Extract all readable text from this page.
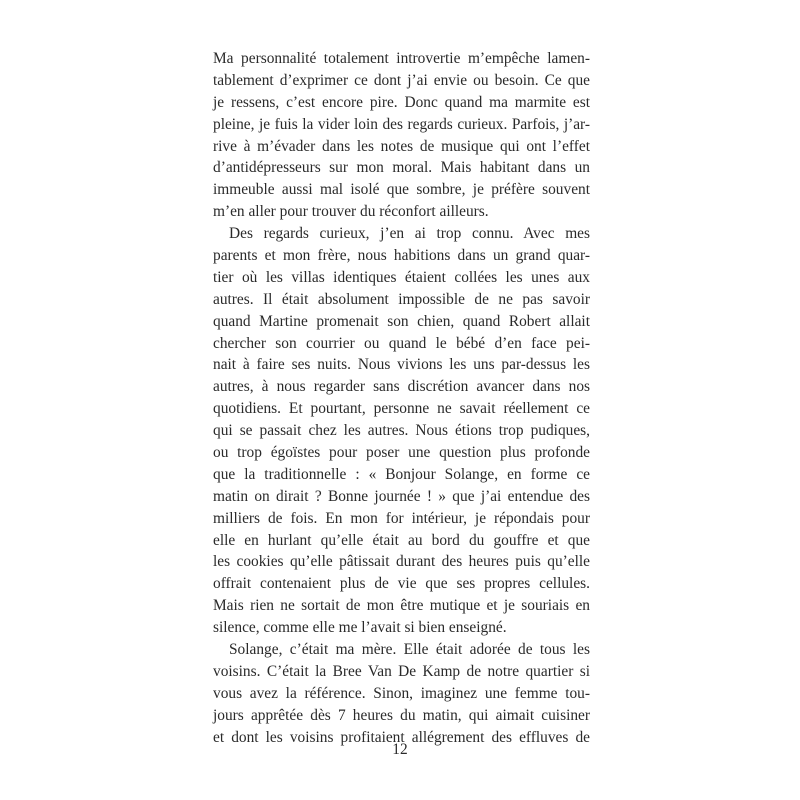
Ma personnalité totalement introvertie m’empêche lamen-
tablement d’exprimer ce dont j’ai envie ou besoin. Ce que
je ressens, c’est encore pire. Donc quand ma marmite est
pleine, je fuis la vider loin des regards curieux. Parfois, j’ar-
rive à m’évader dans les notes de musique qui ont l’effet
d’antidépresseurs sur mon moral. Mais habitant dans un
immeuble aussi mal isolé que sombre, je préfère souvent
m’en aller pour trouver du réconfort ailleurs.
Des regards curieux, j’en ai trop connu. Avec mes
parents et mon frère, nous habitions dans un grand quar-
tier où les villas identiques étaient collées les unes aux
autres. Il était absolument impossible de ne pas savoir
quand Martine promenait son chien, quand Robert allait
chercher son courrier ou quand le bébé d’en face pei-
nait à faire ses nuits. Nous vivions les uns par-dessus les
autres, à nous regarder sans discrétion avancer dans nos
quotidiens. Et pourtant, personne ne savait réellement ce
qui se passait chez les autres. Nous étions trop pudiques,
ou trop égoïstes pour poser une question plus profonde
que la traditionnelle : « Bonjour Solange, en forme ce
matin on dirait ? Bonne journée ! » que j’ai entendue des
milliers de fois. En mon for intérieur, je répondais pour
elle en hurlant qu’elle était au bord du gouffre et que
les cookies qu’elle pâtissait durant des heures puis qu’elle
offrait contenaient plus de vie que ses propres cellules.
Mais rien ne sortait de mon être mutique et je souriais en
silence, comme elle me l’avait si bien enseigné.
Solange, c’était ma mère. Elle était adorée de tous les
voisins. C’était la Bree Van De Kamp de notre quartier si
vous avez la référence. Sinon, imaginez une femme tou-
jours apprêtée dès 7 heures du matin, qui aimait cuisiner
et dont les voisins profitaient allégrement des effluves de
12
